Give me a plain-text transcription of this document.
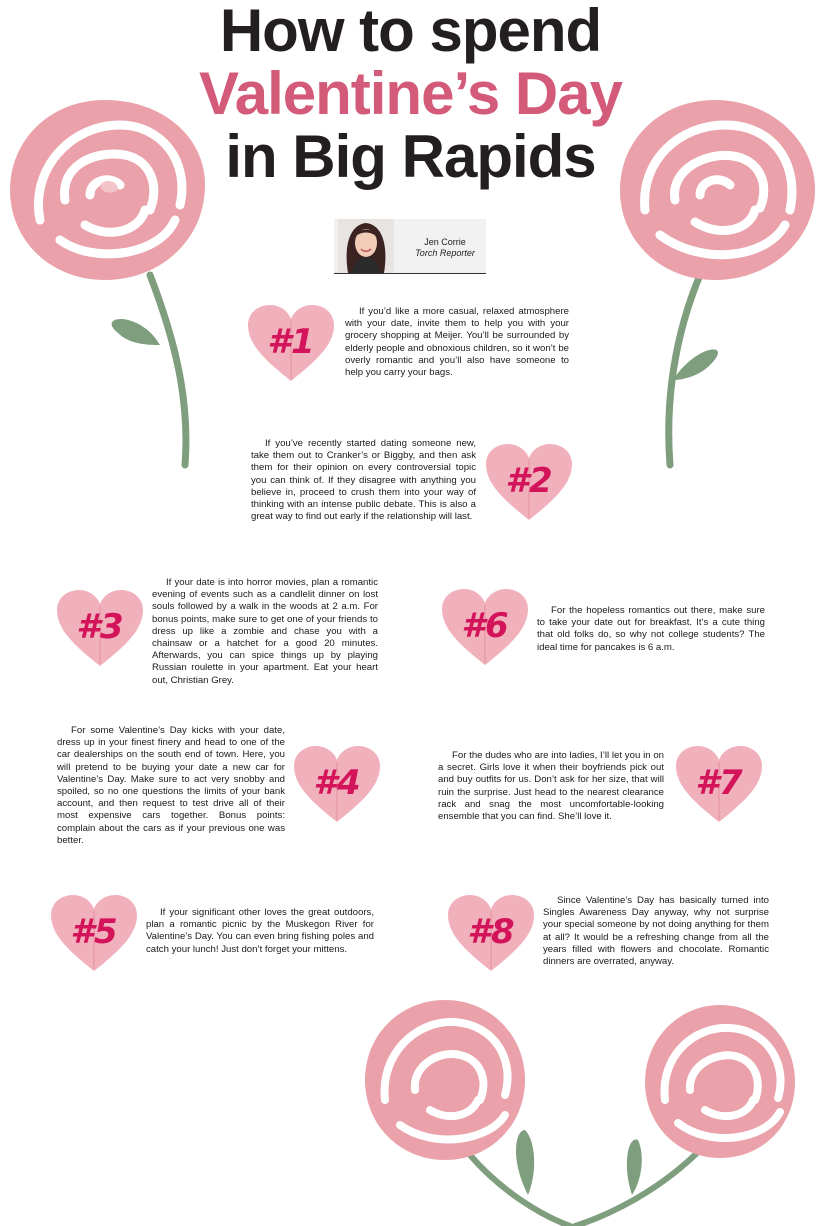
How to spend
Valentine’s Day
in Big Rapids
Jen Corrie
Torch Reporter
#1
#2
#3
#4
#5
#6
#7
#8

If you’d like a more casual, relaxed atmosphere with your date, invite them to help you with your grocery shopping at Meijer. You’ll be surrounded by elderly people and obnoxious children, so it won’t be overly romantic and you’ll also have someone to help you carry your bags.

If you’ve recently started dating someone new, take them out to Cranker’s or Biggby, and then ask them for their opinion on every controversial topic you can think of. If they disagree with anything you believe in, proceed to crush them into your way of thinking with an intense public debate. This is also a great way to find out early if the relationship will last.

If your date is into horror movies, plan a romantic evening of events such as a candlelit dinner on lost souls followed by a walk in the woods at 2 a.m. For bonus points, make sure to get one of your friends to dress up like a zombie and chase you with a chainsaw or a hatchet for a good 20 minutes. Afterwards, you can spice things up by playing Russian roulette in your apartment. Eat your heart out, Christian Grey.

For some Valentine’s Day kicks with your date, dress up in your finest finery and head to one of the car dealerships on the south end of town. Here, you will pretend to be buying your date a new car for Valentine’s Day. Make sure to act very snobby and spoiled, so no one questions the limits of your bank account, and then request to test drive all of their most expensive cars together. Bonus points: complain about the cars as if your previous one was better.

If your significant other loves the great outdoors, plan a romantic picnic by the Muskegon River for Valentine’s Day. You can even bring fishing poles and catch your lunch! Just don’t forget your mittens.

For the hopeless romantics out there, make sure to take your date out for breakfast. It’s a cute thing that old folks do, so why not college students? The ideal time for pancakes is 6 a.m.

For the dudes who are into ladies, I’ll let you in on a secret. Girls love it when their boyfriends pick out and buy outfits for us. Don’t ask for her size, that will ruin the surprise. Just head to the nearest clearance rack and snag the most uncomfortable-looking ensemble that you can find. She’ll love it.

Since Valentine’s Day has basically turned into Singles Awareness Day anyway, why not surprise your special someone by not doing anything for them at all? It would be a refreshing change from all the years filled with flowers and chocolate. Romantic dinners are overrated, anyway.
